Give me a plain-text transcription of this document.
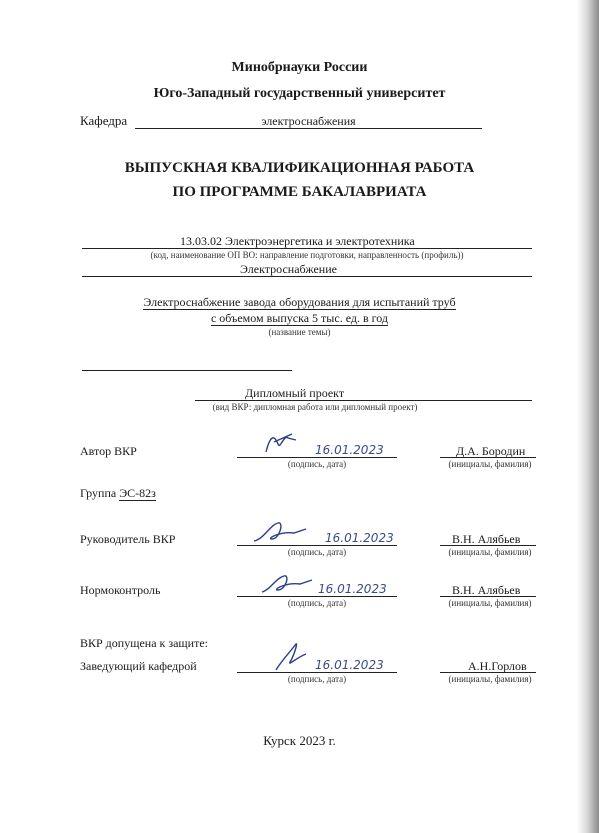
Минобрнауки России
Юго-Западный государственный университет
Кафедра	электроснабжения
ВЫПУСКНАЯ КВАЛИФИКАЦИОННАЯ РАБОТА
ПО ПРОГРАММЕ БАКАЛАВРИАТА
13.03.02 Электроэнергетика и электротехника
(код, наименование ОП ВО: направление подготовки, направленность (профиль))
Электроснабжение
Электроснабжение завода оборудования для испытаний труб
с объемом выпуска 5 тыс. ед. в год
(название темы)
Дипломный проект
(вид ВКР: дипломная работа или дипломный проект)
Автор ВКР	16.01.2023
(подпись, дата)
Д.А. Бородин
(инициалы, фамилия)
Группа ЭС-82з
Руководитель ВКР	16.01.2023
(подпись, дата)
В.Н. Алябьев
(инициалы, фамилия)
Нормоконтроль	16.01.2023
(подпись, дата)
В.Н. Алябьев
(инициалы, фамилия)
ВКР допущена к защите:
Заведующий кафедрой	16.01.2023
(подпись, дата)
А.Н.Горлов
(инициалы, фамилия)
Курск 2023 г.
